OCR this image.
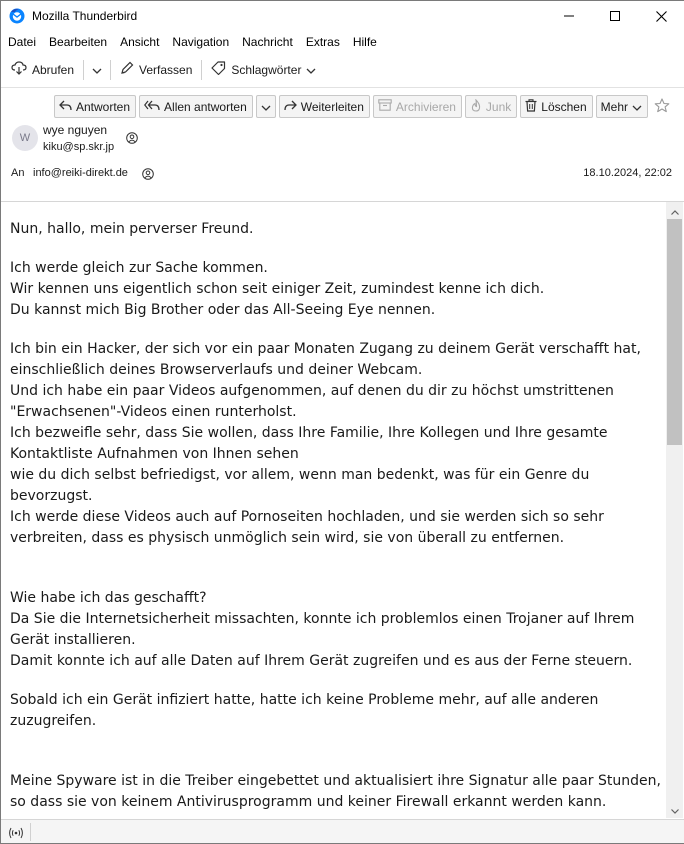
Mozilla Thunderbird
Datei	Bearbeiten	Ansicht	Navigation	Nachricht	Extras	Hilfe
Abrufen	Verfassen	Schlagwörter
Antworten	Allen antworten	Weiterleiten	Archivieren	Junk	Löschen Mehr
W
wye nguyen
kiku@sp.skr.jp
An info@reiki-direkt.de	18.10.2024, 22:02
Nun, hallo, mein perverser Freund.
Ich werde gleich zur Sache kommen.
Wir kennen uns eigentlich schon seit einiger Zeit, zumindest kenne ich dich.
Du kannst mich Big Brother oder das All-Seeing Eye nennen.
Ich bin ein Hacker, der sich vor ein paar Monaten Zugang zu deinem Gerät verschafft hat,
einschließlich deines Browserverlaufs und deiner Webcam.
Und ich habe ein paar Videos aufgenommen, auf denen du dir zu höchst umstrittenen
"Erwachsenen"-Videos einen runterholst.
Ich bezweifle sehr, dass Sie wollen, dass Ihre Familie, Ihre Kollegen und Ihre gesamte
Kontaktliste Aufnahmen von Ihnen sehen
wie du dich selbst befriedigst, vor allem, wenn man bedenkt, was für ein Genre du
bevorzugst.
Ich werde diese Videos auch auf Pornoseiten hochladen, und sie werden sich so sehr
verbreiten, dass es physisch unmöglich sein wird, sie von überall zu entfernen.
Wie habe ich das geschafft?
Da Sie die Internetsicherheit missachten, konnte ich problemlos einen Trojaner auf Ihrem
Gerät installieren.
Damit konnte ich auf alle Daten auf Ihrem Gerät zugreifen und es aus der Ferne steuern.
Sobald ich ein Gerät infiziert hatte, hatte ich keine Probleme mehr, auf alle anderen
zuzugreifen.
Meine Spyware ist in die Treiber eingebettet und aktualisiert ihre Signatur alle paar Stunden,
so dass sie von keinem Antivirusprogramm und keiner Firewall erkannt werden kann.
